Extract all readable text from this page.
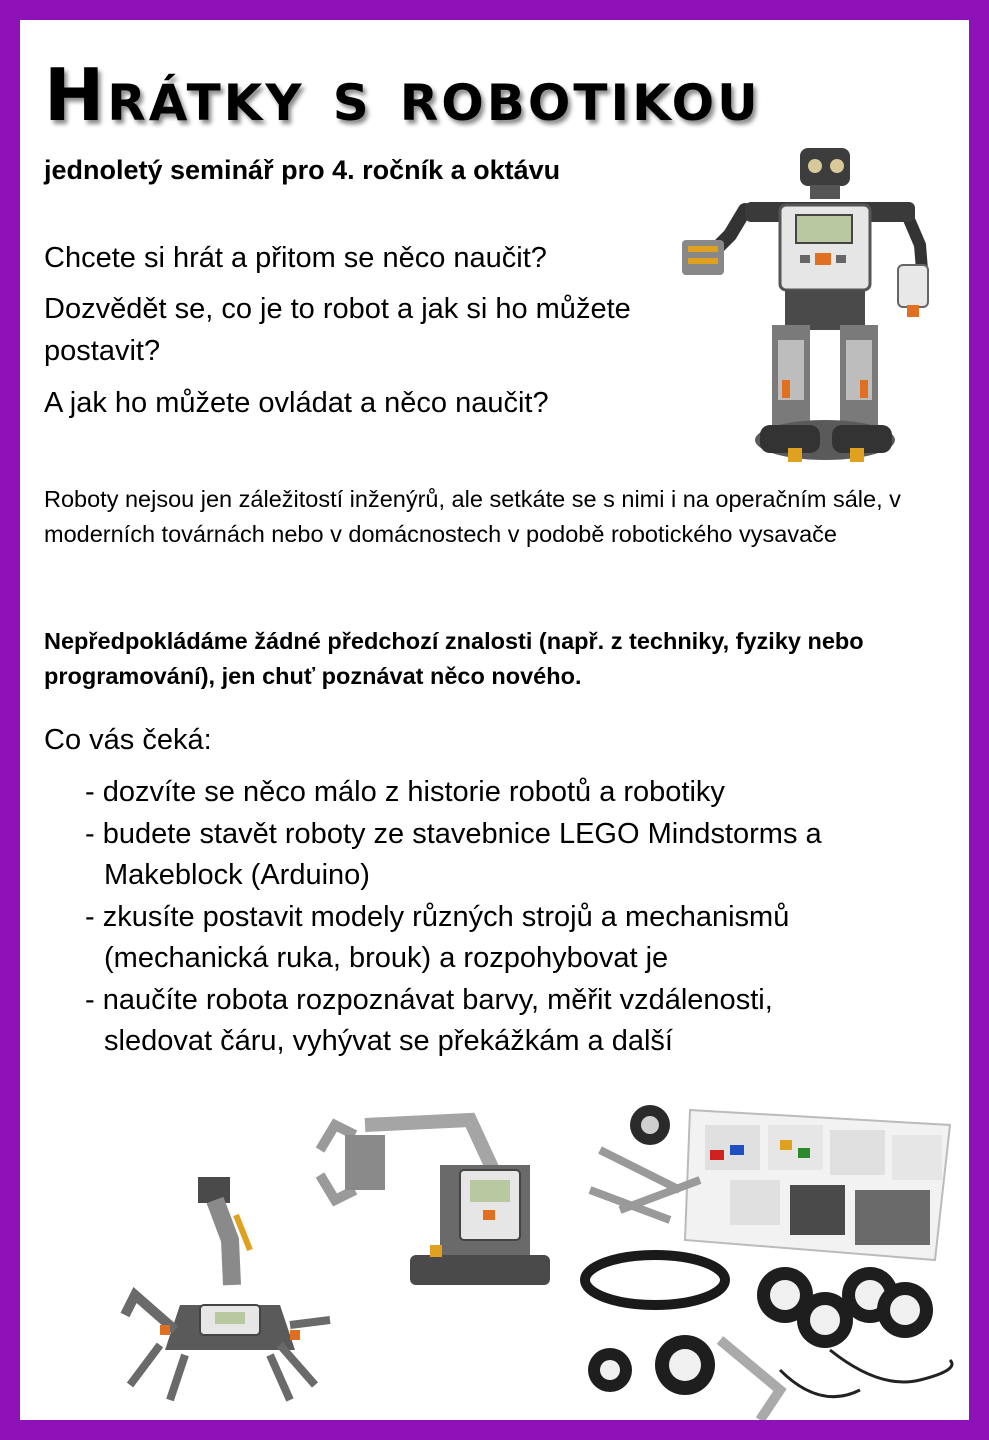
Hrátky s robotikou
jednoletý seminář pro 4. ročník a oktávu
Chcete si hrát a přitom se něco naučit?
Dozvědět se, co je to robot a jak si ho můžete postavit?
A jak ho můžete ovládat a něco naučit?
Roboty nejsou jen záležitostí inženýrů, ale setkáte se s nimi i na operačním sále, v moderních továrnách nebo v domácnostech v podobě robotického vysavače
Nepředpokládáme žádné předchozí znalosti (např. z techniky, fyziky nebo programování), jen chuť poznávat něco nového.
Co vás čeká:
- dozvíte se něco málo z historie robotů a robotiky
- budete stavět roboty ze stavebnice LEGO Mindstorms a
Makeblock (Arduino)
- zkusíte postavit modely různých strojů a mechanismů
(mechanická ruka, brouk) a rozpohybovat je
- naučíte robota rozpoznávat barvy, měřit vzdálenosti,
sledovat čáru, vyhývat se překážkám a další
